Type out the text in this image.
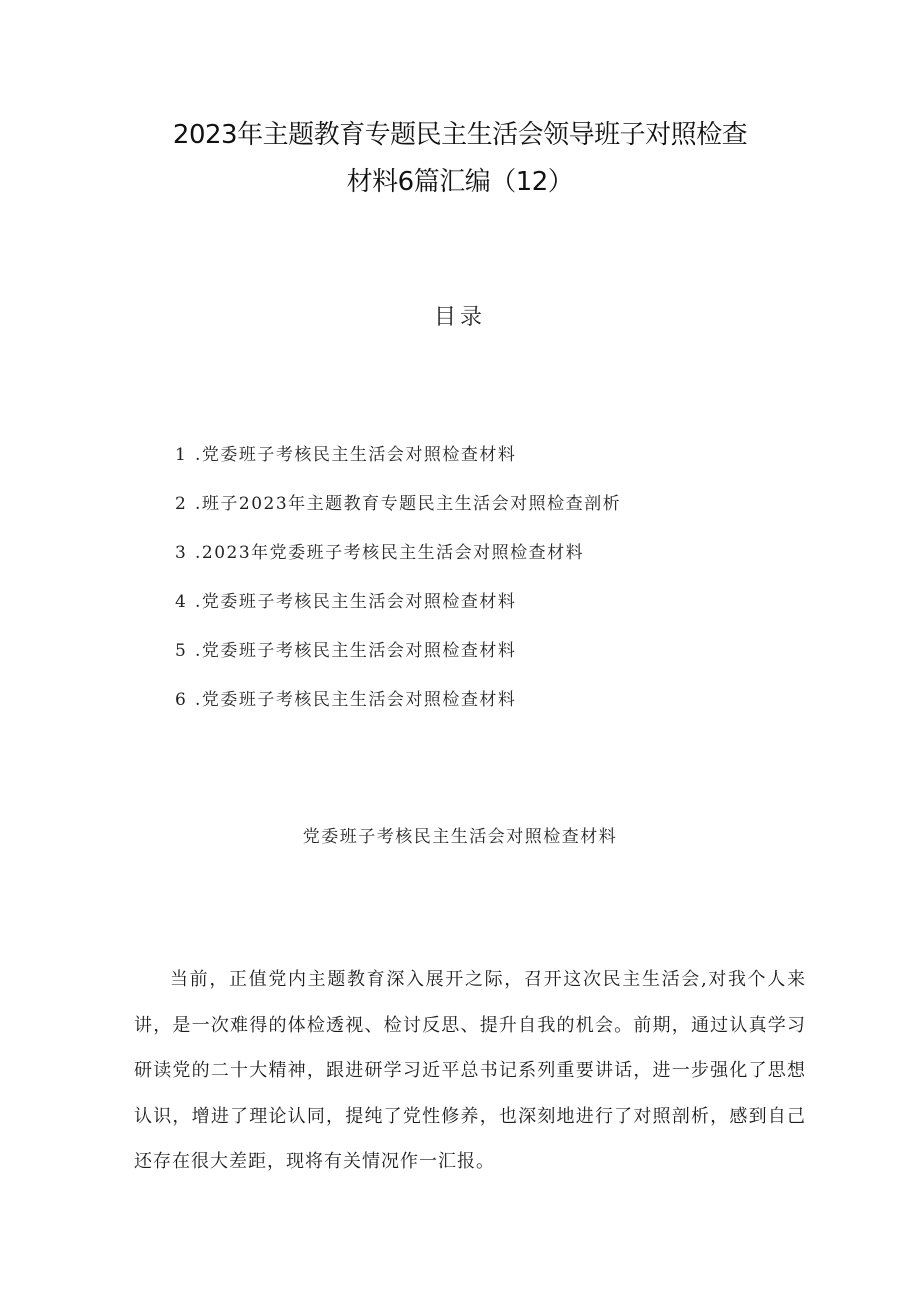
2023年主题教育专题民主生活会领导班子对照检查
材料6篇汇编（12）
目录
1 .党委班子考核民主生活会对照检查材料
2 .班子2023年主题教育专题民主生活会对照检查剖析
3 .2023年党委班子考核民主生活会对照检查材料
4 .党委班子考核民主生活会对照检查材料
5 .党委班子考核民主生活会对照检查材料
6 .党委班子考核民主生活会对照检查材料
党委班子考核民主生活会对照检查材料

当前，正值党内主题教育深入展开之际，召开这次民主生活会,对我个人来讲，是一次难得的体检透视、检讨反思、提升自我的机会。前期，通过认真学习研读党的二十大精神，跟进研学习近平总书记系列重要讲话，进一步强化了思想认识，增进了理论认同，提纯了党性修养，也深刻地进行了对照剖析，感到自己还存在很大差距，现将有关情况作一汇报。
